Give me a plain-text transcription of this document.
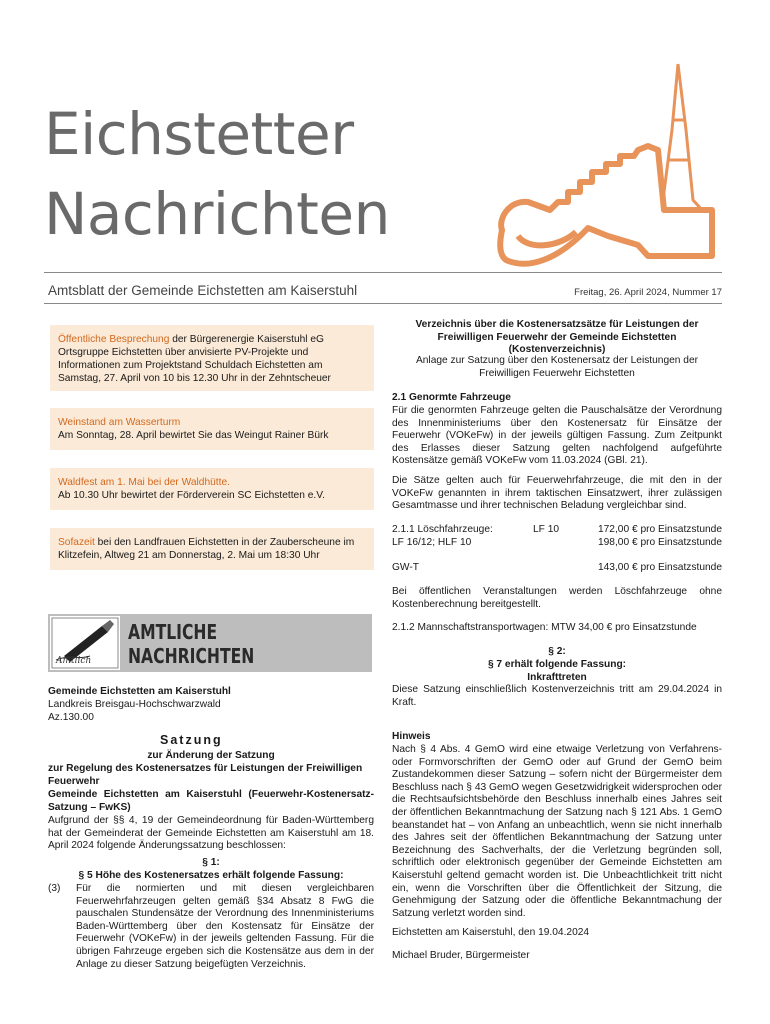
Eichstetter
Nachrichten
Amtsblatt der Gemeinde Eichstetten am Kaiserstuhl	Freitag, 26. April 2024, Nummer 17
Öffentliche Besprechung der Bürgerenergie Kaiserstuhl eG Ortsgruppe Eichstetten über anvisierte PV-Projekte und Informationen zum Projektstand Schuldach Eichstetten am Samstag, 27. April von 10 bis 12.30 Uhr in der Zehntscheuer
Weinstand am Wasserturm
Am Sonntag, 28. April bewirtet Sie das Weingut Rainer Bürk
Waldfest am 1. Mai bei der Waldhütte.
Ab 10.30 Uhr bewirtet der Förderverein SC Eichstetten e.V.
Sofazeit bei den Landfrauen Eichstetten in der Zauberscheune im Klitzefein, Altweg 21 am Donnerstag, 2. Mai um 18:30 Uhr
Amtlich
AMTLICHE
NACHRICHTEN
Gemeinde Eichstetten am Kaiserstuhl
Landkreis Breisgau-Hochschwarzwald
Az.130.00
Satzung
zur Änderung der Satzung
zur Regelung des Kostenersatzes für Leistungen der Freiwilligen Feuerwehr
Gemeinde Eichstetten am Kaiserstuhl (Feuerwehr-Kostenersatz-Satzung – FwKS)
Aufgrund der §§ 4, 19 der Gemeindeordnung für Baden-Württemberg hat der Gemeinderat der Gemeinde Eichstetten am Kaiserstuhl am 18. April 2024 folgende Änderungssatzung beschlossen:
§ 1:
§ 5 Höhe des Kostenersatzes erhält folgende Fassung:
(3) Für die normierten und mit diesen vergleichbaren Feuerwehrfahrzeugen gelten gemäß §34 Absatz 8 FwG die pauschalen Stundensätze der Verordnung des Innenministeriums Baden-Württemberg über den Kostensatz für Einsätze der Feuerwehr (VOKeFw) in der jeweils geltenden Fassung. Für die übrigen Fahrzeuge ergeben sich die Kostensätze aus dem in der Anlage zu dieser Satzung beigefügten Verzeichnis.
Verzeichnis über die Kostenersatzsätze für Leistungen der Freiwilligen Feuerwehr der Gemeinde Eichstetten (Kostenverzeichnis)
Anlage zur Satzung über den Kostenersatz der Leistungen der Freiwilligen Feuerwehr Eichstetten
2.1 Genormte Fahrzeuge
Für die genormten Fahrzeuge gelten die Pauschalsätze der Verordnung des Innenministeriums über den Kostenersatz für Einsätze der Feuerwehr (VOKeFw) in der jeweils gültigen Fassung. Zum Zeitpunkt des Erlasses dieser Satzung gelten nachfolgend aufgeführte Kostensätze gemäß VOKeFw vom 11.03.2024 (GBl. 21).
Die Sätze gelten auch für Feuerwehrfahrzeuge, die mit den in der VOKeFw genannten in ihrem taktischen Einsatzwert, ihrer zulässigen Gesamtmasse und ihrer technischen Beladung vergleichbar sind.
2.1.1 Löschfahrzeuge:	LF 10	172,00 € pro Einsatzstunde
LF 16/12; HLF 10	198,00 € pro Einsatzstunde
GW-T	143,00 € pro Einsatzstunde
Bei öffentlichen Veranstaltungen werden Löschfahrzeuge ohne Kostenberechnung bereitgestellt.
2.1.2 Mannschaftstransportwagen: MTW 34,00 € pro Einsatzstunde
§ 2:
§ 7 erhält folgende Fassung:
Inkrafttreten
Diese Satzung einschließlich Kostenverzeichnis tritt am 29.04.2024 in Kraft.
Hinweis
Nach § 4 Abs. 4 GemO wird eine etwaige Verletzung von Verfahrens- oder Formvorschriften der GemO oder auf Grund der GemO beim Zustandekommen dieser Satzung – sofern nicht der Bürgermeister dem Beschluss nach § 43 GemO wegen Gesetzwidrigkeit widersprochen oder die Rechtsaufsichtsbehörde den Beschluss innerhalb eines Jahres seit der öffentlichen Bekanntmachung der Satzung nach § 121 Abs. 1 GemO beanstandet hat – von Anfang an unbeachtlich, wenn sie nicht innerhalb des Jahres seit der öffentlichen Bekanntmachung der Satzung unter Bezeichnung des Sachverhalts, der die Verletzung begründen soll, schriftlich oder elektronisch gegenüber der Gemeinde Eichstetten am Kaiserstuhl geltend gemacht worden ist. Die Unbeachtlichkeit tritt nicht ein, wenn die Vorschriften über die Öffentlichkeit der Sitzung, die Genehmigung der Satzung oder die öffentliche Bekanntmachung der Satzung verletzt worden sind.
Eichstetten am Kaiserstuhl, den 19.04.2024
Michael Bruder, Bürgermeister
